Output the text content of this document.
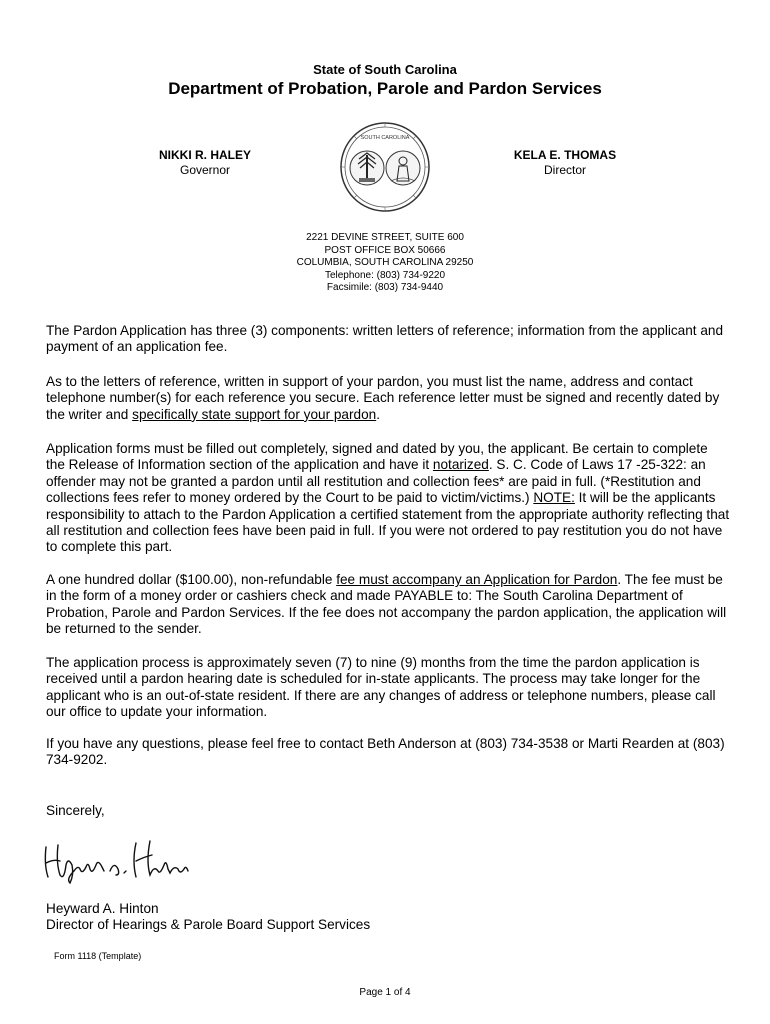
State of South Carolina
Department of Probation, Parole and Pardon Services
NIKKI R. HALEY
Governor
SOUTH CAROLINA
KELA E. THOMAS
Director
2221 DEVINE STREET, SUITE 600
POST OFFICE BOX 50666
COLUMBIA, SOUTH CAROLINA 29250
Telephone: (803) 734-9220
Facsimile: (803) 734-9440

The Pardon Application has three (3) components: written letters of reference; information from the applicant and payment of an application fee.

As to the letters of reference, written in support of your pardon, you must list the name, address and contact telephone number(s) for each reference you secure. Each reference letter must be signed and recently dated by the writer and specifically state support for your pardon.

Application forms must be filled out completely, signed and dated by you, the applicant. Be certain to complete the Release of Information section of the application and have it notarized. S. C. Code of Laws 17 -25-322: an offender may not be granted a pardon until all restitution and collection fees* are paid in full. (*Restitution and collections fees refer to money ordered by the Court to be paid to victim/victims.) NOTE: It will be the applicants responsibility to attach to the Pardon Application a certified statement from the appropriate authority reflecting that all restitution and collection fees have been paid in full. If you were not ordered to pay restitution you do not have to complete this part.

A one hundred dollar ($100.00), non-refundable fee must accompany an Application for Pardon. The fee must be in the form of a money order or cashiers check and made PAYABLE to: The South Carolina Department of Probation, Parole and Pardon Services. If the fee does not accompany the pardon application, the application will be returned to the sender.

The application process is approximately seven (7) to nine (9) months from the time the pardon application is received until a pardon hearing date is scheduled for in-state applicants. The process may take longer for the applicant who is an out-of-state resident. If there are any changes of address or telephone numbers, please call our office to update your information.

If you have any questions, please feel free to contact Beth Anderson at (803) 734-3538 or Marti Rearden at (803) 734-9202.

Sincerely,
Heyward A. Hinton
Director of Hearings & Parole Board Support Services
Form 1118 (Template)
Page 1 of 4
